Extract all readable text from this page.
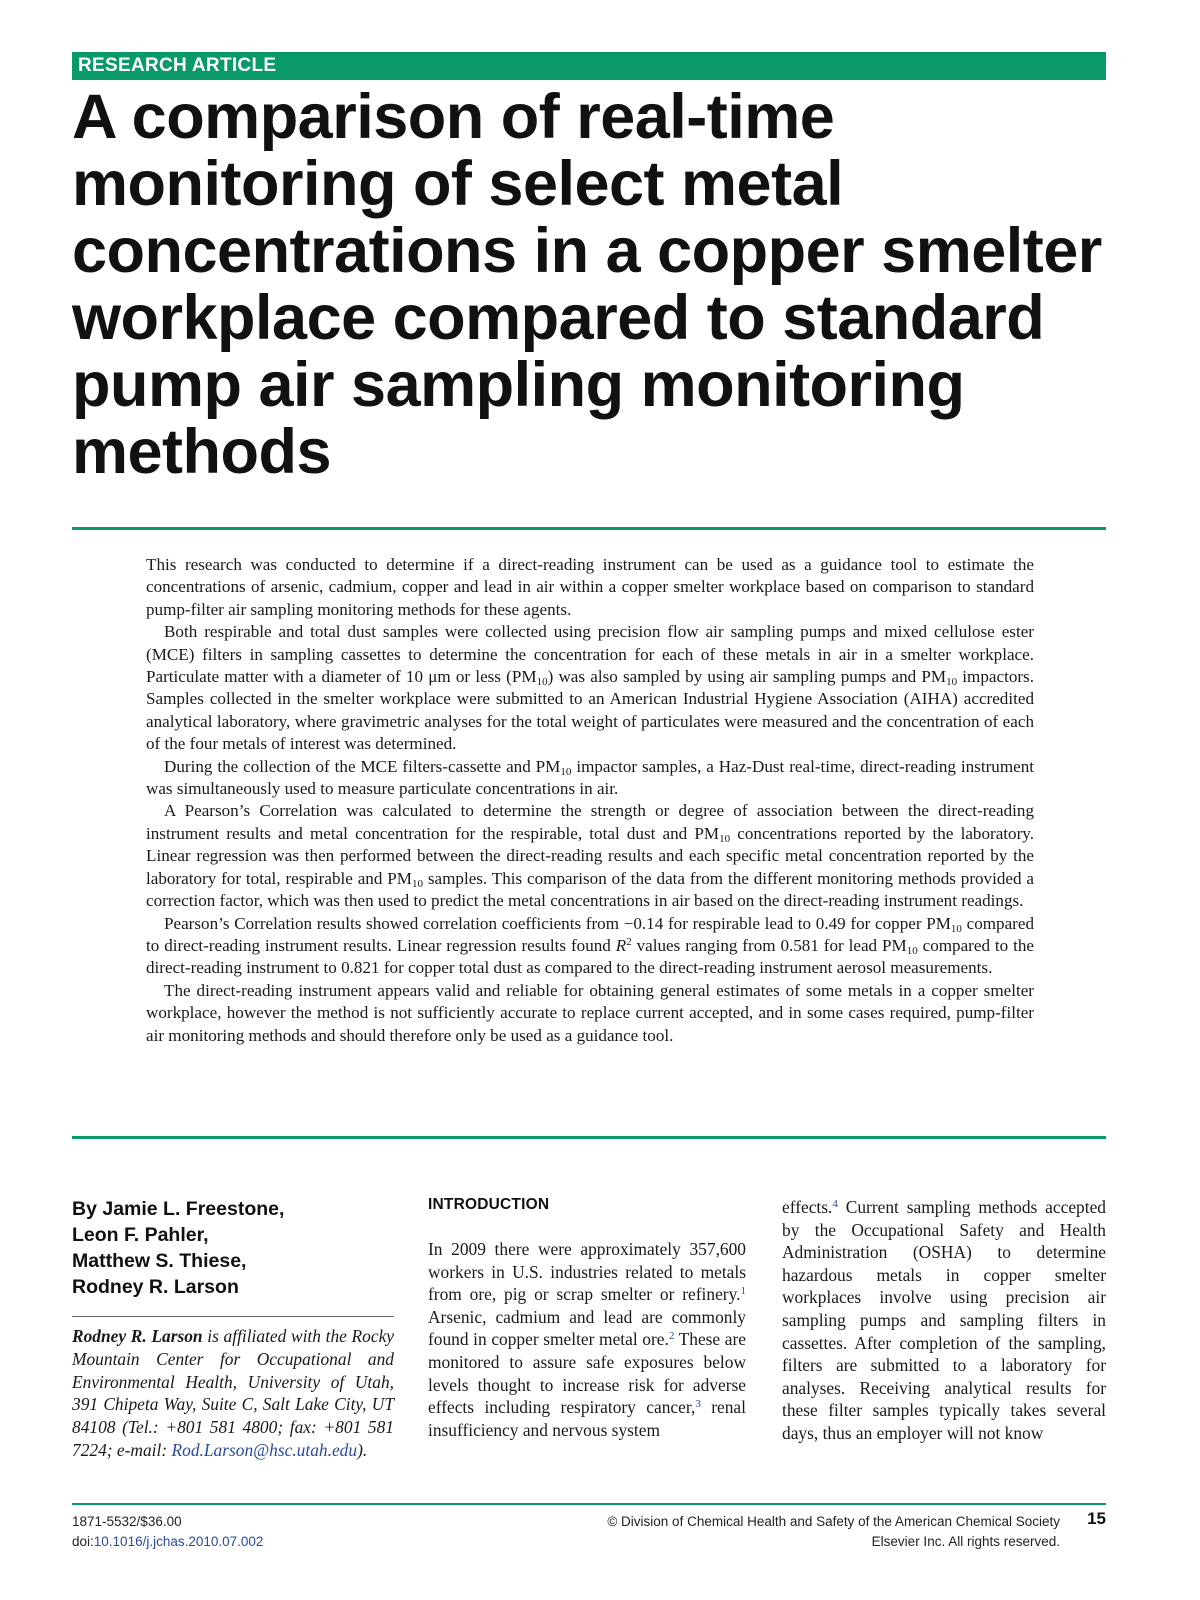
RESEARCH ARTICLE
A comparison of real-time monitoring of select metal concentrations in a copper smelter workplace compared to standard pump air sampling monitoring methods

This research was conducted to determine if a direct-reading instrument can be used as a guidance tool to estimate the concentrations of arsenic, cadmium, copper and lead in air within a copper smelter workplace based on comparison to standard pump-filter air sampling monitoring methods for these agents.

Both respirable and total dust samples were collected using precision flow air sampling pumps and mixed cellulose ester (MCE) filters in sampling cassettes to determine the concentration for each of these metals in air in a smelter workplace. Particulate matter with a diameter of 10 μm or less $(PM_{10})$ was also sampled by using air sampling pumps and $PM_{10}$ impactors. Samples collected in the smelter workplace were submitted to an American Industrial Hygiene Association (AIHA) accredited analytical laboratory, where gravimetric analyses for the total weight of particulates were measured and the concentration of each of the four metals of interest was determined.

During the collection of the MCE filters-cassette and $PM_{10}$ impactor samples, a Haz-Dust real-time, direct-reading instrument was simultaneously used to measure particulate concentrations in air.

A Pearson’s Correlation was calculated to determine the strength or degree of association between the direct-reading instrument results and metal concentration for the respirable, total dust and $PM_{10}$ concentrations reported by the laboratory. Linear regression was then performed between the direct-reading results and each specific metal concentration reported by the laboratory for total, respirable and $PM_{10}$ samples. This comparison of the data from the different monitoring methods provided a correction factor, which was then used to predict the metal concentrations in air based on the direct-reading instrument readings.

Pearson’s Correlation results showed correlation coefficients from −0.14 for respirable lead to 0.49 for copper $PM_{10}$ compared to direct-reading instrument results. Linear regression results found $R^2$ values ranging from 0.581 for lead $PM_{10}$ compared to the direct-reading instrument to 0.821 for copper total dust as compared to the direct-reading instrument aerosol measurements.

The direct-reading instrument appears valid and reliable for obtaining general estimates of some metals in a copper smelter workplace, however the method is not sufficiently accurate to replace current accepted, and in some cases required, pump-filter air monitoring methods and should therefore only be used as a guidance tool.

By Jamie L. Freestone,
Leon F. Pahler,
Matthew S. Thiese,
Rodney R. Larson
Rodney R. Larson is affiliated with the Rocky Mountain Center for Occupational and Environmental Health, University of Utah, 391 Chipeta Way, Suite C, Salt Lake City, UT 84108 (Tel.: +801 581 4800; fax: +801 581 7224; e-mail: Rod.Larson@hsc.utah.edu).
INTRODUCTION

In 2009 there were approximately 357,600 workers in U.S. industries related to metals from ore, pig or scrap smelter or refinery.$^1$ Arsenic, cadmium and lead are commonly found in copper smelter metal ore.$^2$ These are monitored to assure safe exposures below levels thought to increase risk for adverse effects including respiratory cancer,$^3$ renal insufficiency and nervous system

effects.$^4$ Current sampling methods accepted by the Occupational Safety and Health Administration (OSHA) to determine hazardous metals in copper smelter workplaces involve using precision air sampling pumps and sampling filters in cassettes. After completion of the sampling, filters are submitted to a laboratory for analyses. Receiving analytical results for these filter samples typically takes several days, thus an employer will not know

1871-5532/$36.00
doi:10.1016/j.jchas.2010.07.002
© Division of Chemical Health and Safety of the American Chemical Society
Elsevier Inc. All rights reserved.
15
